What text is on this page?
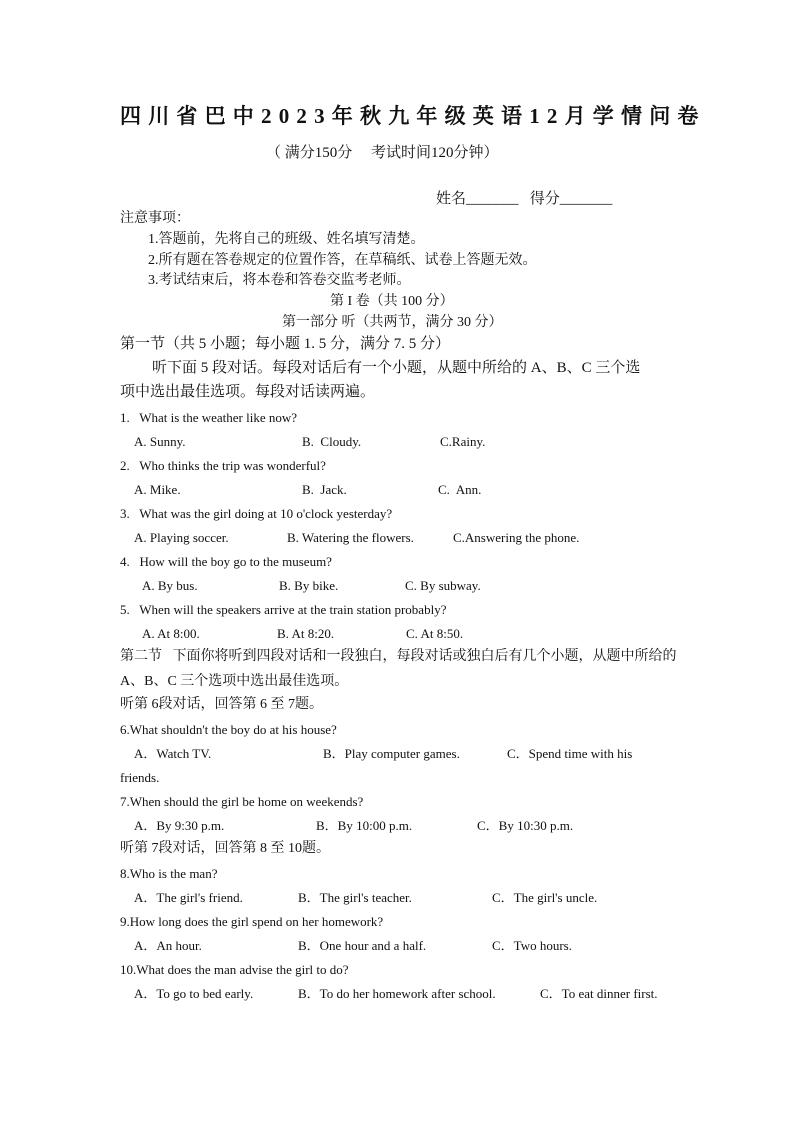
四川省巴中2023年秋九年级英语12月学情问卷
（ 满分150分     考试时间120分钟）
姓名_______   得分_______
注意事项：
1.答题前，先将自己的班级、姓名填写清楚。
2.所有题在答卷规定的位置作答，在草稿纸、试卷上答题无效。
3.考试结束后，将本卷和答卷交监考老师。
第 I 卷（共 100 分）
第一部分 听（共两节，满分 30 分）
第一节（共 5 小题；每小题 1. 5 分，满分 7. 5 分）
听下面 5 段对话。每段对话后有一个小题，从题中所给的 A、B、C 三个选
项中选出最佳选项。每段对话读两遍。
1.   What is the weather like now?
A. Sunny.	B.  Cloudy.	C.Rainy.
2.   Who thinks the trip was wonderful?
A. Mike.	B.  Jack.	C.  Ann.
3.   What was the girl doing at 10 o'clock yesterday?
A. Playing soccer.	B. Watering the flowers.	C.Answering the phone.
4.   How will the boy go to the museum?
A. By bus.	B. By bike.	C. By subway.
5.   When will the speakers arrive at the train station probably?
A. At 8:00.	B. At 8:20.	C. At 8:50.
第二节   下面你将听到四段对话和一段独白，每段对话或独白后有几个小题，从题中所给的
A、B、C 三个选项中选出最佳选项。
听第 6段对话，回答第 6 至 7题。
6.What shouldn't the boy do at his house?
A．Watch TV.	B．Play computer games.	C．Spend time with his
friends.
7.When should the girl be home on weekends?
A．By 9:30 p.m.	B．By 10:00 p.m.	C．By 10:30 p.m.
听第 7段对话，回答第 8 至 10题。
8.Who is the man?
A．The girl's friend.	B．The girl's teacher.	C．The girl's uncle.
9.How long does the girl spend on her homework?
A．An hour.	B．One hour and a half.	C．Two hours.
10.What does the man advise the girl to do?
A．To go to bed early.	B．To do her homework after school.	C．To eat dinner first.
